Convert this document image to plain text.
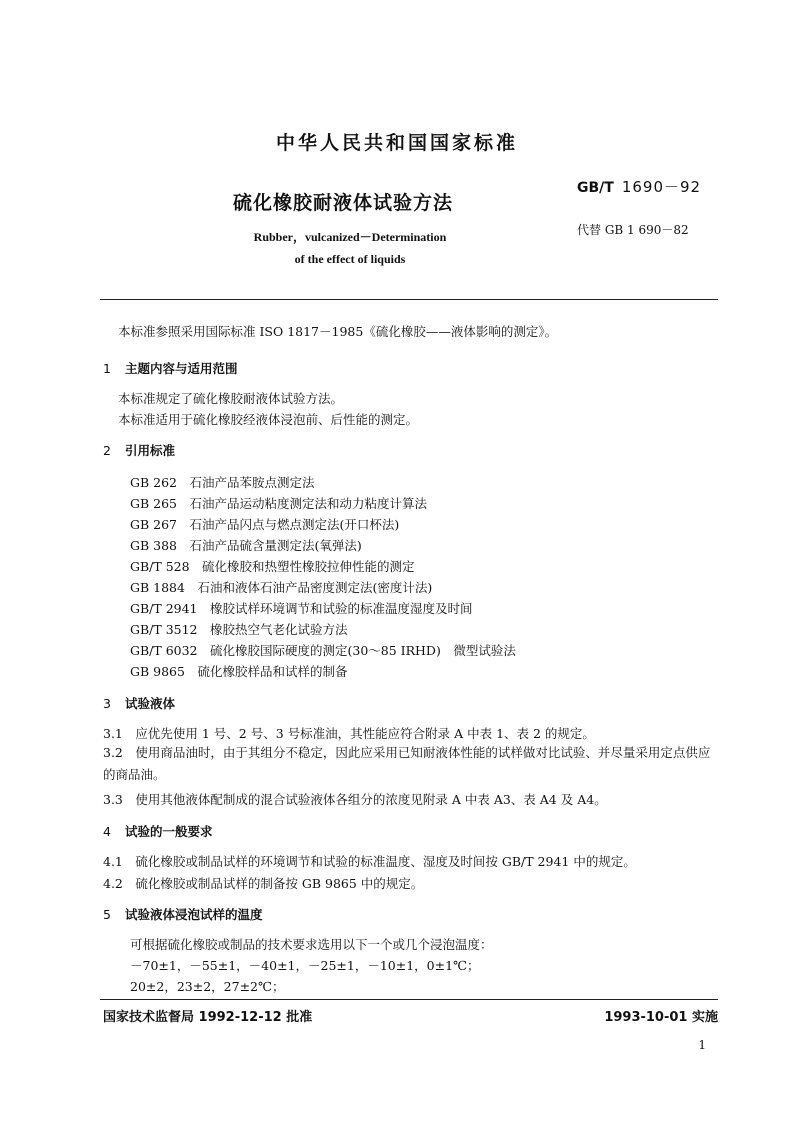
中华人民共和国国家标准
硫化橡胶耐液体试验方法
GB/T 1690－92
代替 GB 1 690－82
Rubber，vulcanized－Determination
of the effect of liquids
本标准参照采用国际标准 ISO 1817－1985《硫化橡胶——液体影响的测定》。
1 主题内容与适用范围
本标准规定了硫化橡胶耐液体试验方法。
本标准适用于硫化橡胶经液体浸泡前、后性能的测定。
2 引用标准
GB 262　石油产品苯胺点测定法
GB 265　石油产品运动粘度测定法和动力粘度计算法
GB 267　石油产品闪点与燃点测定法(开口杯法)
GB 388　石油产品硫含量测定法(氧弹法)
GB/T 528　硫化橡胶和热塑性橡胶拉伸性能的测定
GB 1884　石油和液体石油产品密度测定法(密度计法)
GB/T 2941　橡胶试样环境调节和试验的标准温度湿度及时间
GB/T 3512　橡胶热空气老化试验方法
GB/T 6032　硫化橡胶国际硬度的测定(30～85 IRHD)　微型试验法
GB 9865　硫化橡胶样品和试样的制备
3 试验液体
3.1　应优先使用 1 号、2 号、3 号标准油，其性能应符合附录 A 中表 1、表 2 的规定。
3.2　使用商品油时，由于其组分不稳定，因此应采用已知耐液体性能的试样做对比试验、并尽量采用定点供应的商品油。
3.3　使用其他液体配制成的混合试验液体各组分的浓度见附录 A 中表 A3、表 A4 及 A4。
4 试验的一般要求
4.1　硫化橡胶或制品试样的环境调节和试验的标准温度、湿度及时间按 GB/T 2941 中的规定。
4.2　硫化橡胶或制品试样的制备按 GB 9865 中的规定。
5 试验液体浸泡试样的温度
可根据硫化橡胶或制品的技术要求选用以下一个或几个浸泡温度：
－70±1，－55±1，－40±1，－25±1，－10±1，0±1℃；
20±2，23±2，27±2℃；
国家技术监督局 1992-12-12 批准	1993-10-01 实施
1
